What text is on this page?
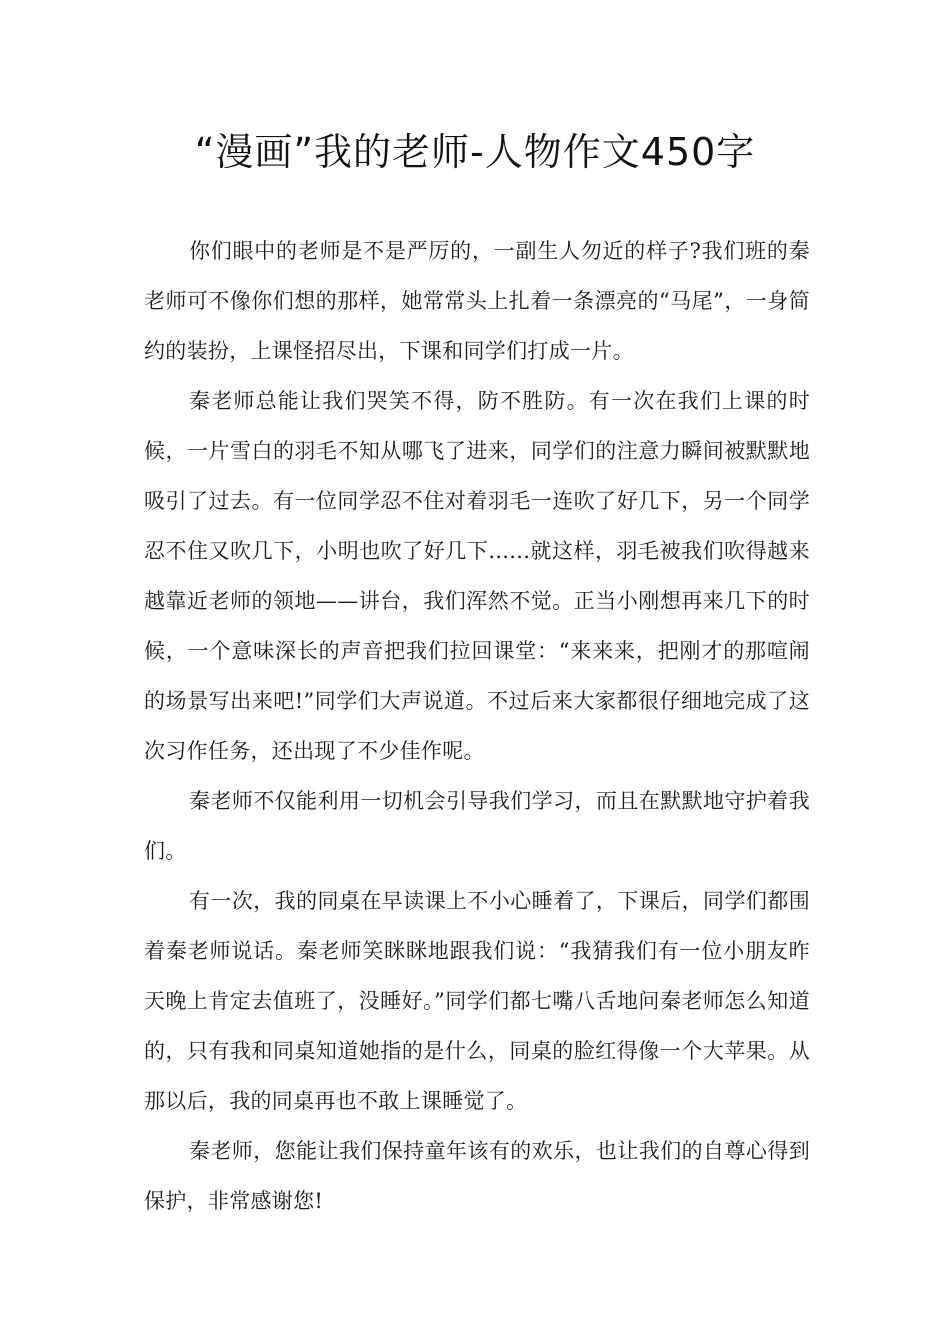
“漫画”我的老师-人物作文450字

你们眼中的老师是不是严厉的，一副生人勿近的样子?我们班的秦老师可不像你们想的那样，她常常头上扎着一条漂亮的“马尾”，一身简约的装扮，上课怪招尽出，下课和同学们打成一片。

秦老师总能让我们哭笑不得，防不胜防。有一次在我们上课的时候，一片雪白的羽毛不知从哪飞了进来，同学们的注意力瞬间被默默地吸引了过去。有一位同学忍不住对着羽毛一连吹了好几下，另一个同学忍不住又吹几下，小明也吹了好几下......就这样，羽毛被我们吹得越来越靠近老师的领地——讲台，我们浑然不觉。正当小刚想再来几下的时候，一个意味深长的声音把我们拉回课堂：“来来来，把刚才的那喧闹的场景写出来吧!”同学们大声说道。不过后来大家都很仔细地完成了这次习作任务，还出现了不少佳作呢。

秦老师不仅能利用一切机会引导我们学习，而且在默默地守护着我们。

有一次，我的同桌在早读课上不小心睡着了，下课后，同学们都围着秦老师说话。秦老师笑眯眯地跟我们说：“我猜我们有一位小朋友昨天晚上肯定去值班了，没睡好。”同学们都七嘴八舌地问秦老师怎么知道的，只有我和同桌知道她指的是什么，同桌的脸红得像一个大苹果。从那以后，我的同桌再也不敢上课睡觉了。

秦老师，您能让我们保持童年该有的欢乐，也让我们的自尊心得到保护，非常感谢您!
